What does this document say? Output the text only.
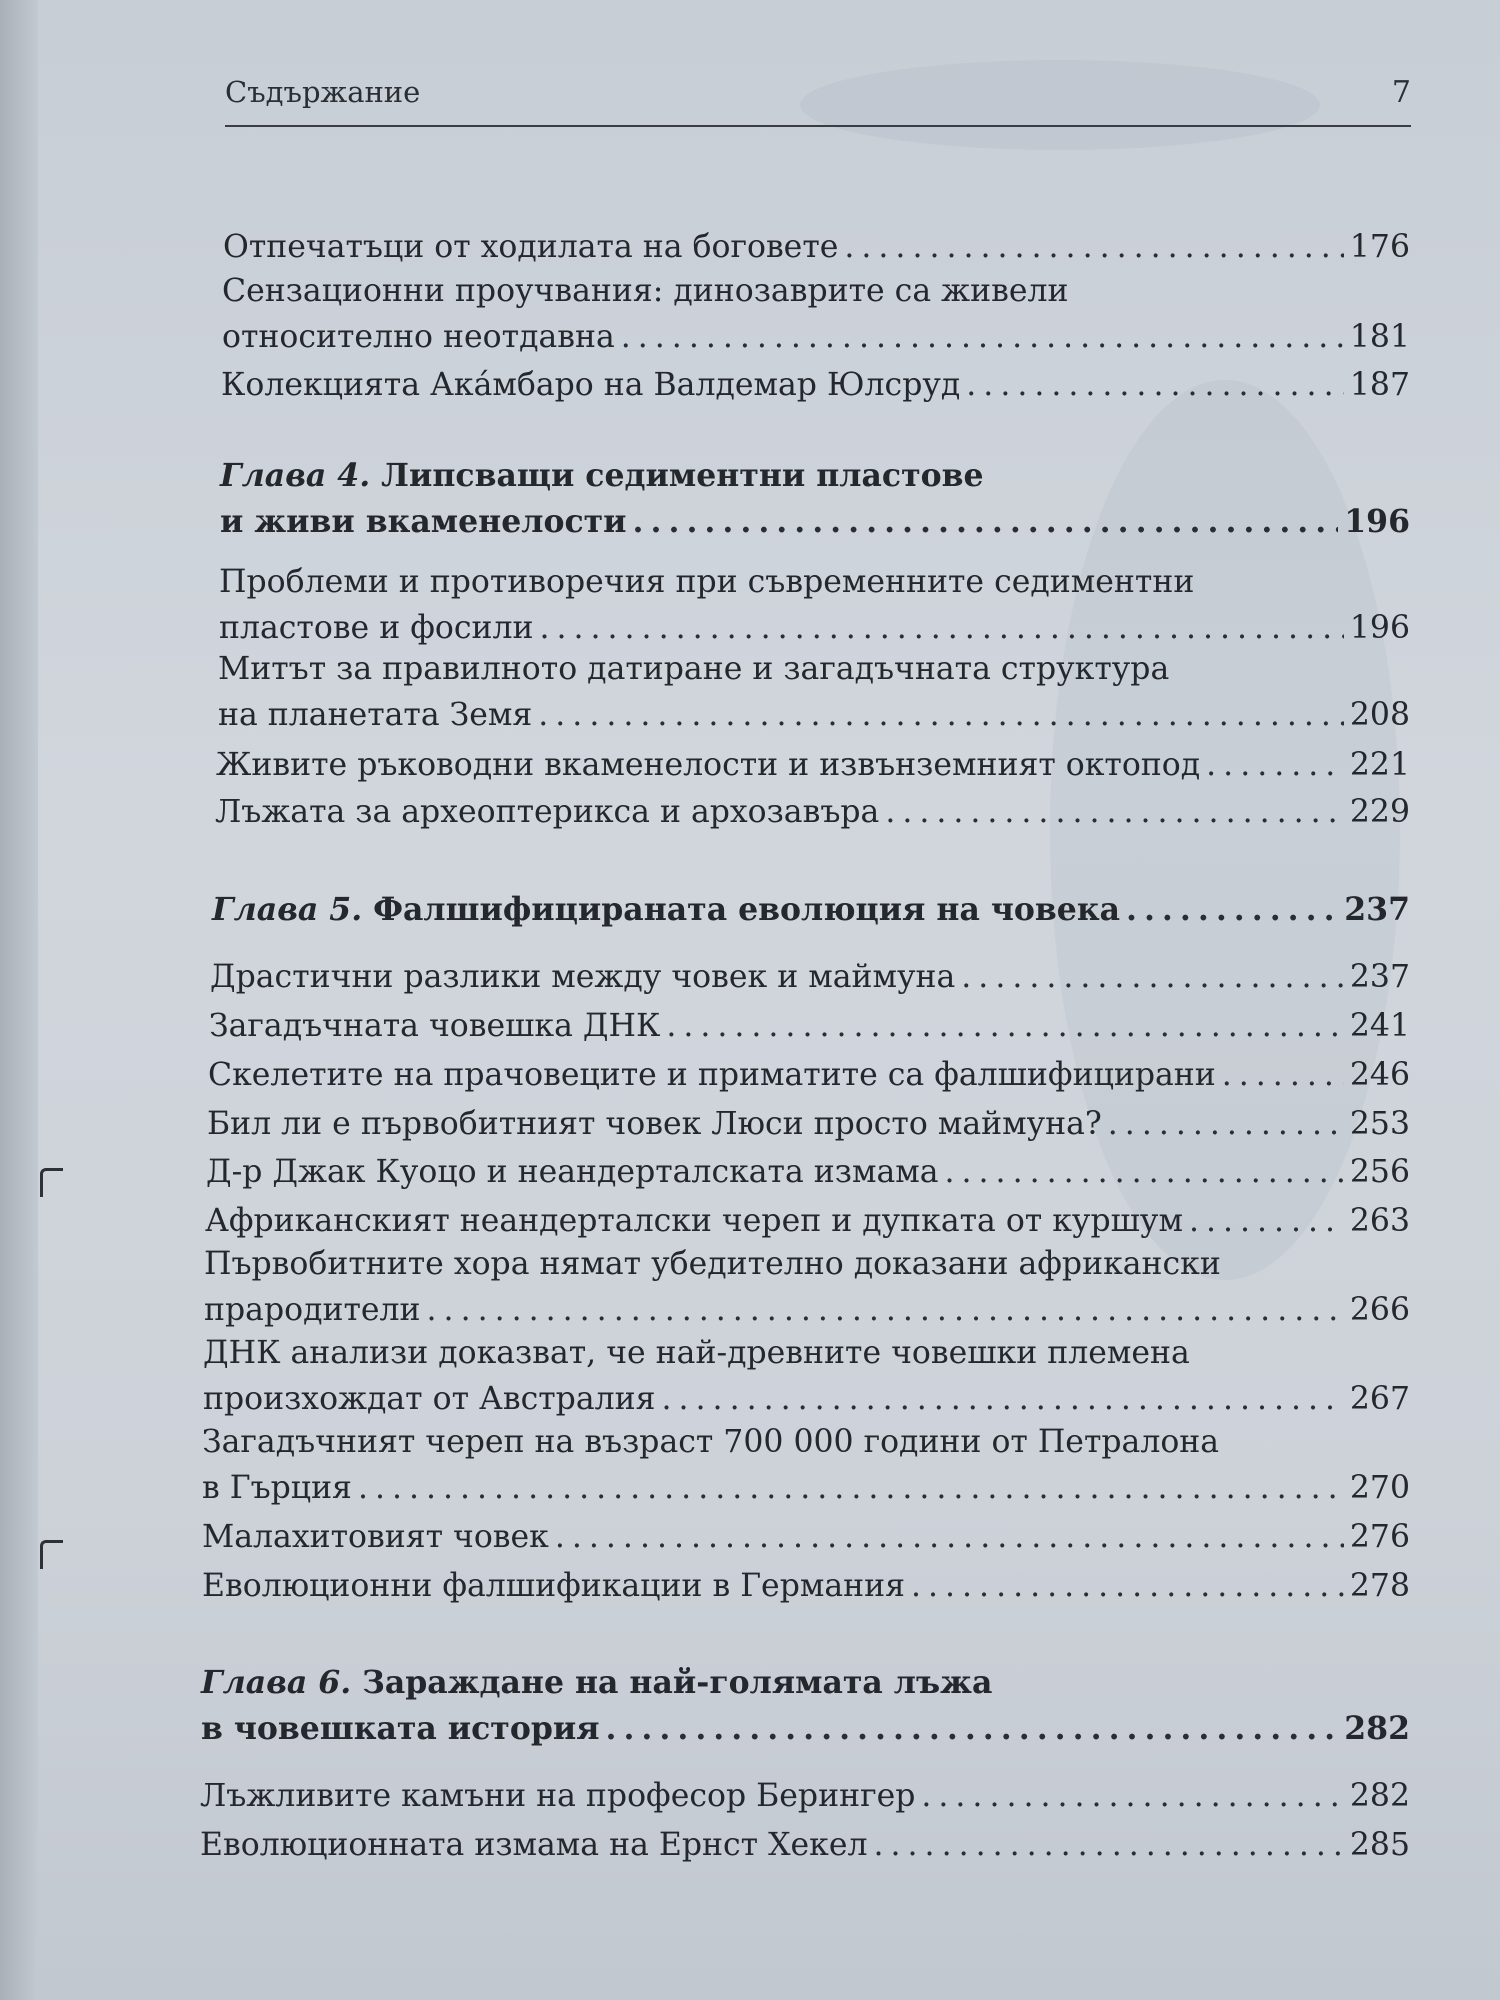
Съдържание	7
Отпечатъци от ходилата на боговете .....	176
Сензационни проучвания: динозаврите са живели
относително неотдавна .....	181
Колекцията Ака́мбаро на Валдемар Юлсруд .....	187
Глава 4. Липсващи седиментни пластове
и живи вкаменелости .....	196
Проблеми и противоречия при съвременните седиментни
пластове и фосили .....	196
Митът за правилното датиране и загадъчната структура
на планетата Земя .....	208
Живите ръководни вкаменелости и извънземният октопод .....	221
Лъжата за археоптерикса и архозавъра .....	229
Глава 5. Фалшифицираната еволюция на човека .....	237
Драстични разлики между човек и маймуна .....	237
Загадъчната човешка ДНК .....	241
Скелетите на прачовеците и приматите са фалшифицирани .....	246
Бил ли е първобитният човек Люси просто маймуна? .....	253
Д-р Джак Куоцо и неандерталската измама .....	256
Африканският неандерталски череп и дупката от куршум .....	263
Първобитните хора нямат убедително доказани африкански
прародители .....	266
ДНК анализи доказват, че най-древните човешки племена
произхождат от Австралия .....	267
Загадъчният череп на възраст 700 000 години от Петралона
в Гърция .....	270
Малахитовият човек .....	276
Еволюционни фалшификации в Германия .....	278
Глава 6. Зараждане на най-голямата лъжа
в човешката история .....	282
Лъжливите камъни на професор Берингер .....	282
Еволюционната измама на Ернст Хекел .....	285
